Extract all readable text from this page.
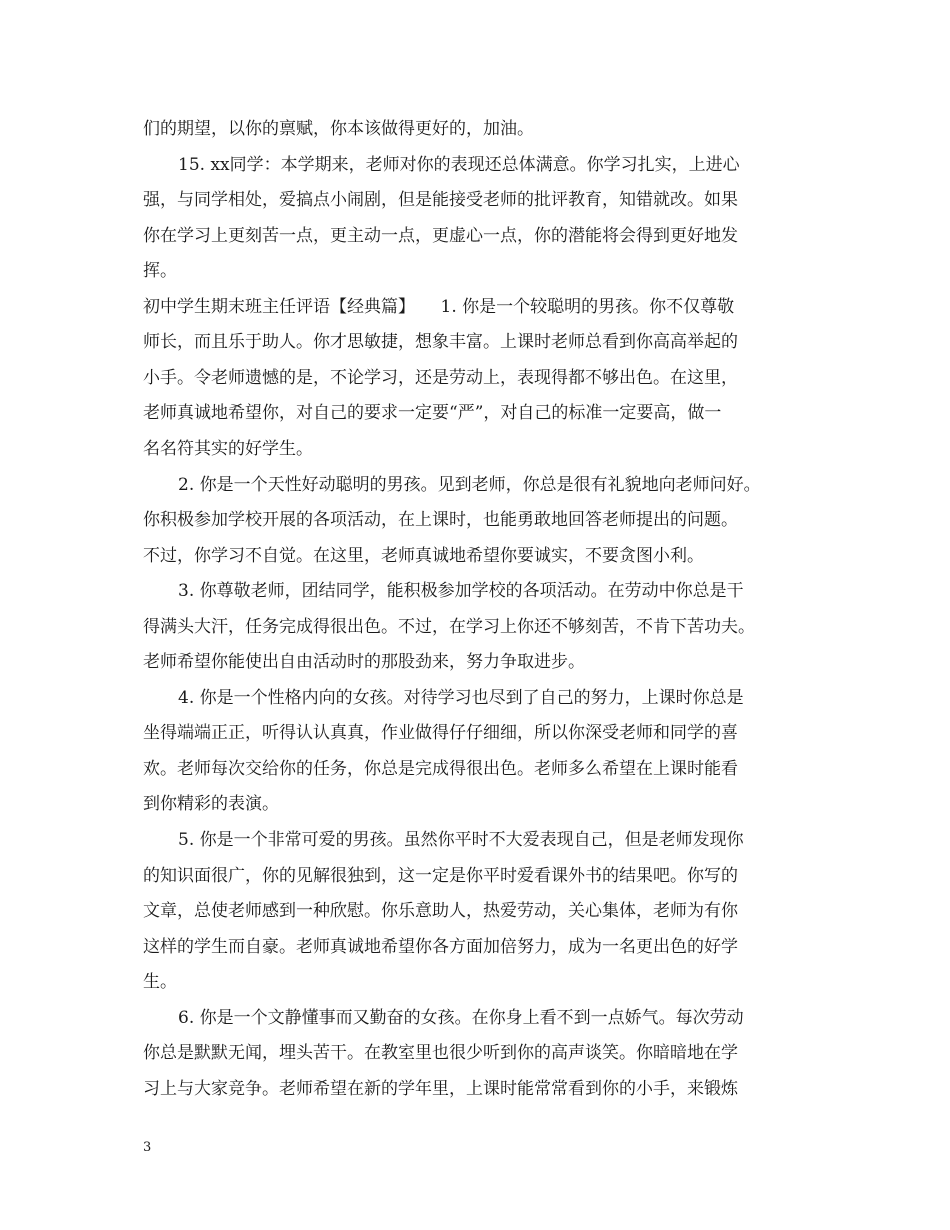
们的期望，以你的禀赋，你本该做得更好的，加油。

15. xx同学：本学期来，老师对你的表现还总体满意。你学习扎实，上进心

强，与同学相处，爱搞点小闹剧，但是能接受老师的批评教育，知错就改。如果

你在学习上更刻苦一点，更主动一点，更虚心一点，你的潜能将会得到更好地发

挥。

初中学生期末班主任评语【经典篇】　　1. 你是一个较聪明的男孩。你不仅尊敬

师长，而且乐于助人。你才思敏捷，想象丰富。上课时老师总看到你高高举起的

小手。令老师遗憾的是，不论学习，还是劳动上，表现得都不够出色。在这里，

老师真诚地希望你，对自己的要求一定要“严”，对自己的标准一定要高，做一

名名符其实的好学生。

2. 你是一个天性好动聪明的男孩。见到老师，你总是很有礼貌地向老师问好。

你积极参加学校开展的各项活动，在上课时，也能勇敢地回答老师提出的问题。

不过，你学习不自觉。在这里，老师真诚地希望你要诚实，不要贪图小利。

3. 你尊敬老师，团结同学，能积极参加学校的各项活动。在劳动中你总是干

得满头大汗，任务完成得很出色。不过，在学习上你还不够刻苦，不肯下苦功夫。

老师希望你能使出自由活动时的那股劲来，努力争取进步。

4. 你是一个性格内向的女孩。对待学习也尽到了自己的努力，上课时你总是

坐得端端正正，听得认认真真，作业做得仔仔细细，所以你深受老师和同学的喜

欢。老师每次交给你的任务，你总是完成得很出色。老师多么希望在上课时能看

到你精彩的表演。

5. 你是一个非常可爱的男孩。虽然你平时不大爱表现自己，但是老师发现你

的知识面很广，你的见解很独到，这一定是你平时爱看课外书的结果吧。你写的

文章，总使老师感到一种欣慰。你乐意助人，热爱劳动，关心集体，老师为有你

这样的学生而自豪。老师真诚地希望你各方面加倍努力，成为一名更出色的好学

生。

6. 你是一个文静懂事而又勤奋的女孩。在你身上看不到一点娇气。每次劳动

你总是默默无闻，埋头苦干。在教室里也很少听到你的高声谈笑。你暗暗地在学

习上与大家竞争。老师希望在新的学年里，上课时能常常看到你的小手，来锻炼

3
